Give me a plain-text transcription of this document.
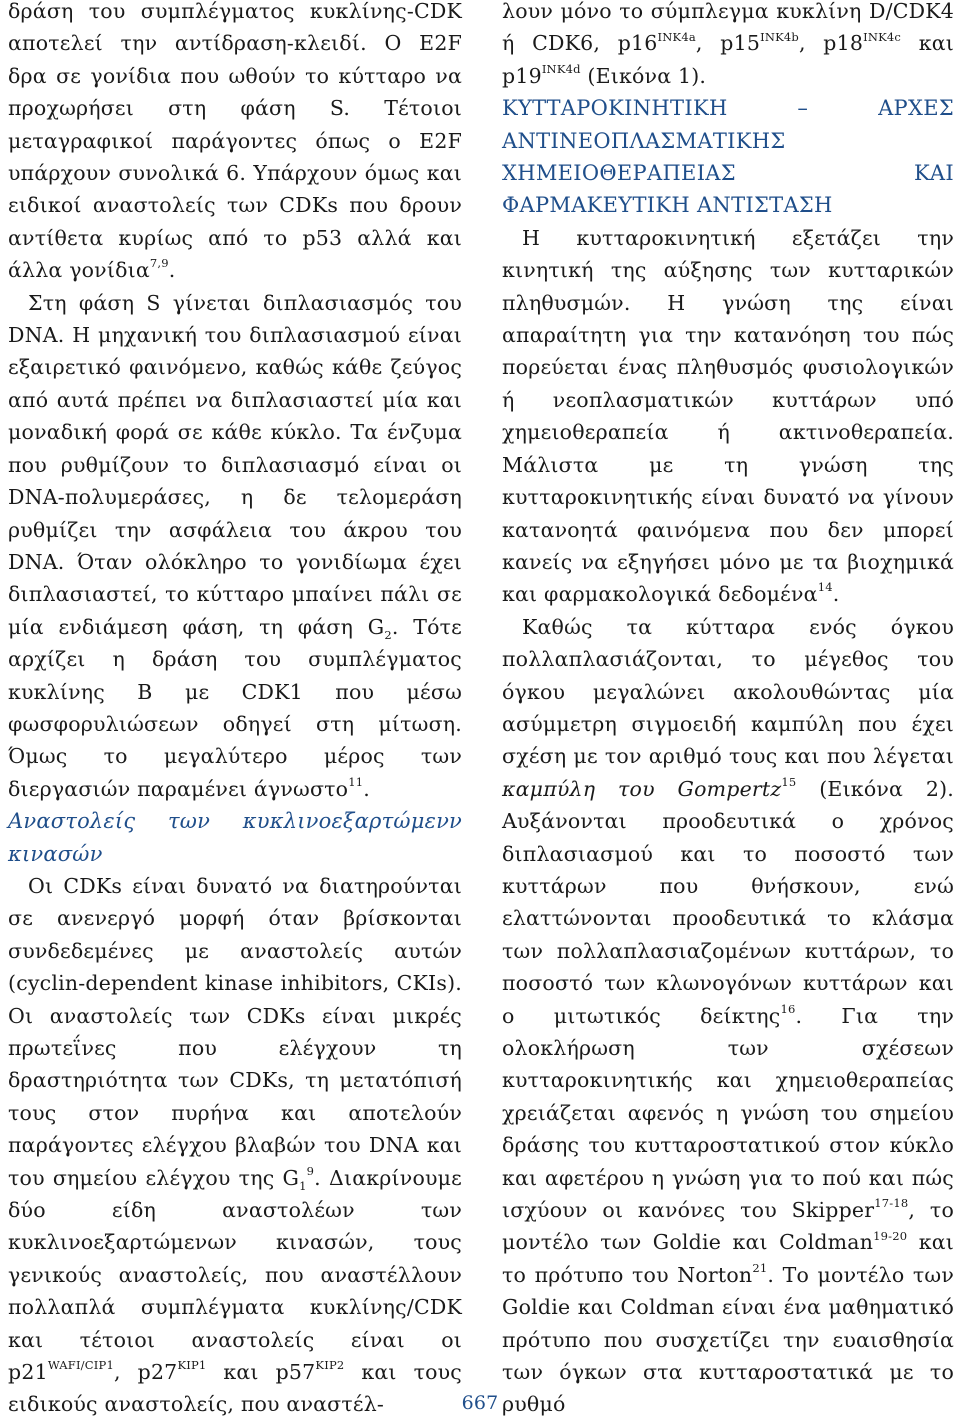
δράση του συμπλέγματος κυκλίνης-CDK αποτελεί την αντίδραση-κλειδί. Ο E2F δρα σε γονίδια που ωθούν το κύτταρο να προχωρήσει στη φάση S. Τέτοιοι μεταγραφικοί παράγοντες όπως ο E2F υπάρχουν συνολικά 6. Υπάρχουν όμως και ειδικοί αναστολείς των CDKs που δρουν αντίθετα κυρίως από το p53 αλλά και άλλα γονίδια$^{7,9}$.

Στη φάση S γίνεται διπλασιασμός του DNA. Η μηχανική του διπλασιασμού είναι εξαιρετικό φαινόμενο, καθώς κάθε ζεύγος από αυτά πρέπει να διπλασιαστεί μία και μοναδική φορά σε κάθε κύκλο. Τα ένζυμα που ρυθμίζουν το διπλασιασμό είναι οι DNA-πολυμεράσες, η δε τελομεράση ρυθμίζει την ασφάλεια του άκρου του DNA. Όταν ολόκληρο το γονιδίωμα έχει διπλασιαστεί, το κύτταρο μπαίνει πάλι σε μία ενδιάμεση φάση, τη φάση $G_2$. Τότε αρχίζει η δράση του συμπλέγματος κυκλίνης Β με CDK1 που μέσω φωσφορυλιώσεων οδηγεί στη μίτωση. Όμως το μεγαλύτερο μέρος των διεργασιών παραμένει άγνωστο$^{11}$.

Αναστολείς των κυκλινοεξαρτώμενν κινασών

Οι CDKs είναι δυνατό να διατηρούνται σε ανενεργό μορφή όταν βρίσκονται συνδεδεμένες με αναστολείς αυτών (cyclin-dependent kinase inhibitors, CKIs). Οι αναστολείς των CDKs είναι μικρές πρωτεΐνες που ελέγχουν τη δραστηριότητα των CDKs, τη μετατόπισή τους στον πυρήνα και αποτελούν παράγοντες ελέγχου βλαβών του DNA και του σημείου ελέγχου της $G_1^9$. Διακρίνουμε δύο είδη αναστολέων των κυκλινοεξαρτώμενων κινασών, τους γενικούς αναστολείς, που αναστέλλουν πολλαπλά συμπλέγματα κυκλίνης/CDK και τέτοιοι αναστολείς είναι οι $p21^{WAFI/CIP1}$, $p27^{KIP1}$ και $p57^{KIP2}$ και τους ειδικούς αναστολείς, που αναστέλ-

λουν μόνο το σύμπλεγμα κυκλίνη D/CDK4 ή CDK6, $p16^{INK4a}$, $p15^{INK4b}$, $p18^{INK4c}$ και $p19^{INK4d}$ (Εικόνα 1).

ΚΥΤΤΑΡΟΚΙΝΗΤΙΚΗ – ΑΡΧΕΣ ΑΝΤΙΝΕΟΠΛΑΣΜΑΤΙΚΗΣ ΧΗΜΕΙΟΘΕΡΑΠΕΙΑΣ ΚΑΙ ΦΑΡΜΑΚΕΥΤΙΚΗ ΑΝΤΙΣΤΑΣΗ

Η κυτταροκινητική εξετάζει την κινητική της αύξησης των κυτταρικών πληθυσμών. Η γνώση της είναι απαραίτητη για την κατανόηση του πώς πορεύεται ένας πληθυσμός φυσιολογικών ή νεοπλασματικών κυττάρων υπό χημειοθεραπεία ή ακτινοθεραπεία. Μάλιστα με τη γνώση της κυτταροκινητικής είναι δυνατό να γίνουν κατανοητά φαινόμενα που δεν μπορεί κανείς να εξηγήσει μόνο με τα βιοχημικά και φαρμακολογικά δεδομένα$^{14}$.

Καθώς τα κύτταρα ενός όγκου πολλαπλασιάζονται, το μέγεθος του όγκου μεγαλώνει ακολουθώντας μία ασύμμετρη σιγμοειδή καμπύλη που έχει σχέση με τον αριθμό τους και που λέγεται καμπύλη του Gompertz$^{15}$ (Εικόνα 2). Αυξάνονται προοδευτικά ο χρόνος διπλασιασμού και το ποσοστό των κυττάρων που θνήσκουν, ενώ ελαττώνονται προοδευτικά το κλάσμα των πολλαπλασιαζομένων κυττάρων, το ποσοστό των κλωνογόνων κυττάρων και ο μιτωτικός δείκτης$^{16}$. Για την ολοκλήρωση των σχέσεων κυτταροκινητικής και χημειοθεραπείας χρειάζεται αφενός η γνώση του σημείου δράσης του κυτταροστατικού στον κύκλο και αφετέρου η γνώση για το πού και πώς ισχύουν οι κανόνες του Skipper$^{17-18}$, το μοντέλο των Goldie και Coldman$^{19-20}$ και το πρότυπο του Norton$^{21}$. Το μοντέλο των Goldie και Coldman είναι ένα μαθηματικό πρότυπο που συσχετίζει την ευαισθησία των όγκων στα κυτταροστατικά με το ρυθμό

667
